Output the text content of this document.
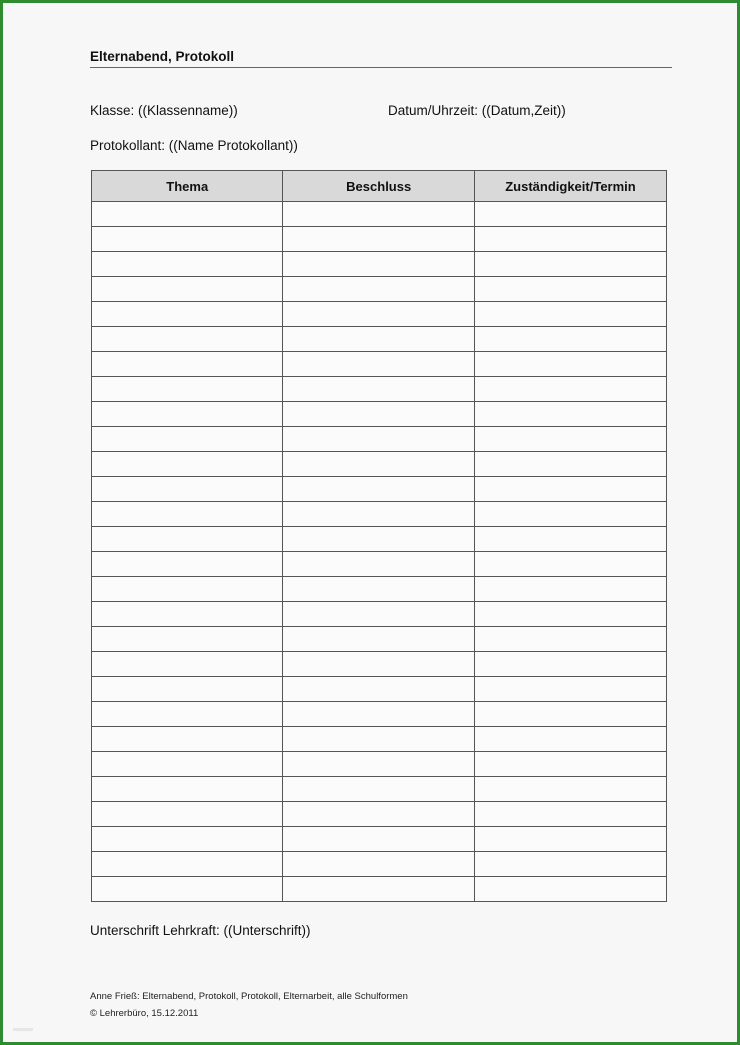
Elternabend, Protokoll
Klasse: ((Klassenname))	Datum/Uhrzeit: ((Datum,Zeit))
Protokollant: ((Name Protokollant))
Thema	Beschluss	Zuständigkeit/Termin

Unterschrift Lehrkraft: ((Unterschrift))
Anne Frieß: Elternabend, Protokoll, Protokoll, Elternarbeit, alle Schulformen
© Lehrerbüro, 15.12.2011
